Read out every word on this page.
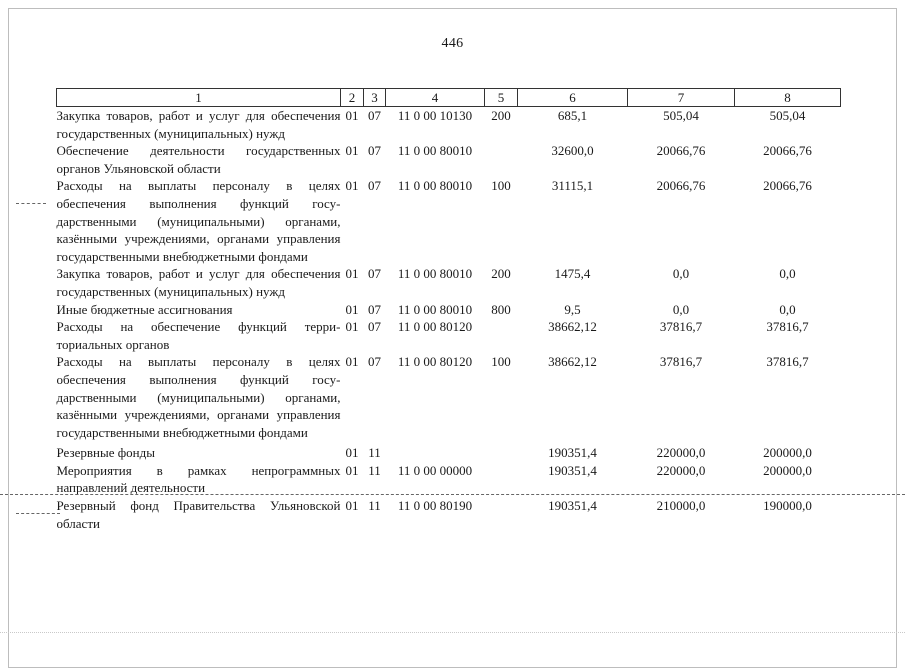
446
1	2	3	4	5	6	7	8
Закупка товаров, работ и услуг для обеспечения государственных (муниципальных) нужд	01	07	11 0 00 10130	200	685,1	505,04	505,04
Обеспечение деятельности государственных органов Ульяновской области	01	07	11 0 00 80010		32600,0	20066,76	20066,76
Расходы на выплаты персоналу в целях обеспечения выполнения функций государственными (муниципальными) органами, казёнными учреждениями, органами управления государственными внебюджетными фондами	01	07	11 0 00 80010	100	31115,1	20066,76	20066,76
Закупка товаров, работ и услуг для обеспечения государственных (муниципальных) нужд	01	07	11 0 00 80010	200	1475,4	0,0	0,0
Иные бюджетные ассигнования	01	07	11 0 00 80010	800	9,5	0,0	0,0
Расходы на обеспечение функций территориальных органов	01	07	11 0 00 80120		38662,12	37816,7	37816,7
Расходы на выплаты персоналу в целях обеспечения выполнения функций государственными (муниципальными) органами, казёнными учреждениями, органами управления государственными внебюджетными фондами	01	07	11 0 00 80120	100	38662,12	37816,7	37816,7
Резервные фонды	01	11			190351,4	220000,0	200000,0
Мероприятия в рамках непрограммных направлений деятельности	01	11	11 0 00 00000		190351,4	220000,0	200000,0
Резервный фонд Правительства Ульяновской области	01	11	11 0 00 80190		190351,4	210000,0	190000,0
